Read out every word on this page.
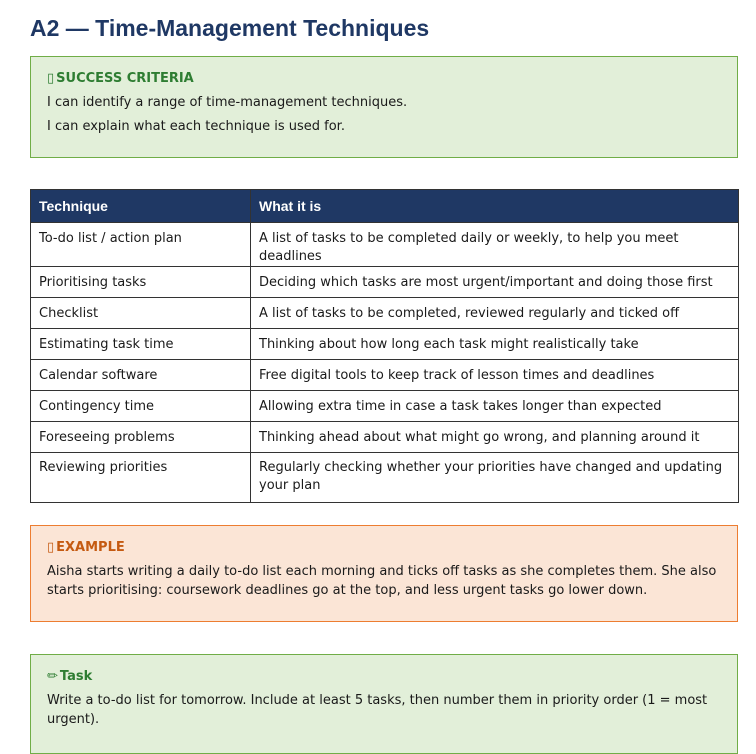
A2 — Time-Management Techniques
▯ SUCCESS CRITERIA
I can identify a range of time-management techniques.
I can explain what each technique is used for.
Technique	What it is
To-do list / action plan	A list of tasks to be completed daily or weekly, to help you meet deadlines
Prioritising tasks	Deciding which tasks are most urgent/important and doing those first
Checklist	A list of tasks to be completed, reviewed regularly and ticked off
Estimating task time	Thinking about how long each task might realistically take
Calendar software	Free digital tools to keep track of lesson times and deadlines
Contingency time	Allowing extra time in case a task takes longer than expected
Foreseeing problems	Thinking ahead about what might go wrong, and planning around it
Reviewing priorities	Regularly checking whether your priorities have changed and updating your plan
▯ EXAMPLE
Aisha starts writing a daily to-do list each morning and ticks off tasks as she completes them. She also starts prioritising: coursework deadlines go at the top, and less urgent tasks go lower down.
✏ Task
Write a to-do list for tomorrow. Include at least 5 tasks, then number them in priority order (1 = most urgent).
